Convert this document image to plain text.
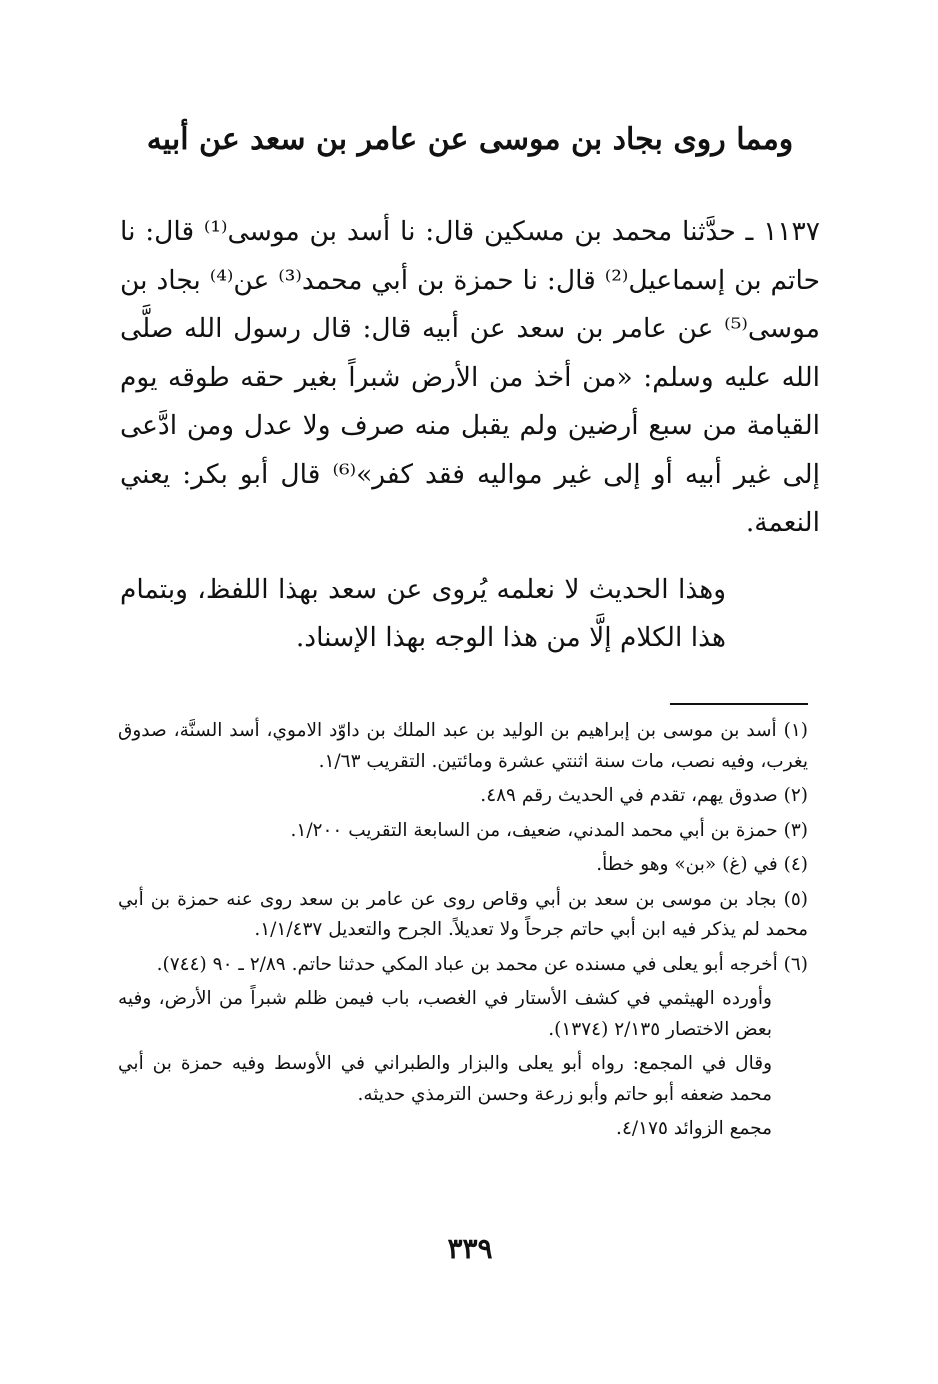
ومما روى بجاد بن موسى عن عامر بن سعد عن أبيه
١١٣٧ ـ حدَّثنا محمد بن مسكين قال: نا أسد بن موسى⁽¹⁾ قال: نا حاتم بن إسماعيل⁽²⁾ قال: نا حمزة بن أبي محمد⁽³⁾ عن⁽⁴⁾ بجاد بن موسى⁽⁵⁾ عن عامر بن سعد عن أبيه قال: قال رسول الله صلَّى الله عليه وسلم: «من أخذ من الأرض شبراً بغير حقه طوقه يوم القيامة من سبع أرضين ولم يقبل منه صرف ولا عدل ومن ادَّعى إلى غير أبيه أو إلى غير مواليه فقد كفر»⁽⁶⁾ قال أبو بكر: يعني النعمة.
وهذا الحديث لا نعلمه يُروى عن سعد بهذا اللفظ، وبتمام هذا الكلام إلَّا من هذا الوجه بهذا الإسناد.
(١) أسد بن موسى بن إبراهيم بن الوليد بن عبد الملك بن داوّد الاموي، أسد السنَّة، صدوق يغرب، وفيه نصب، مات سنة اثنتي عشرة ومائتين. التقريب ١/٦٣.
(٢) صدوق يهم، تقدم في الحديث رقم ٤٨٩.
(٣) حمزة بن أبي محمد المدني، ضعيف، من السابعة التقريب ١/٢٠٠.
(٤) في (غ) «بن» وهو خطأ.
(٥) بجاد بن موسى بن سعد بن أبي وقاص روى عن عامر بن سعد روى عنه حمزة بن أبي محمد لم يذكر فيه ابن أبي حاتم جرحاً ولا تعديلاً. الجرح والتعديل ١/١/٤٣٧.
(٦) أخرجه أبو يعلى في مسنده عن محمد بن عباد المكي حدثنا حاتم. ٢/٨٩ ـ ٩٠ (٧٤٤).
وأورده الهيثمي في كشف الأستار في الغصب، باب فيمن ظلم شبراً من الأرض، وفيه بعض الاختصار ٢/١٣٥ (١٣٧٤).
وقال في المجمع: رواه أبو يعلى والبزار والطبراني في الأوسط وفيه حمزة بن أبي محمد ضعفه أبو حاتم وأبو زرعة وحسن الترمذي حديثه.
مجمع الزوائد ٤/١٧٥.
٣٣٩
